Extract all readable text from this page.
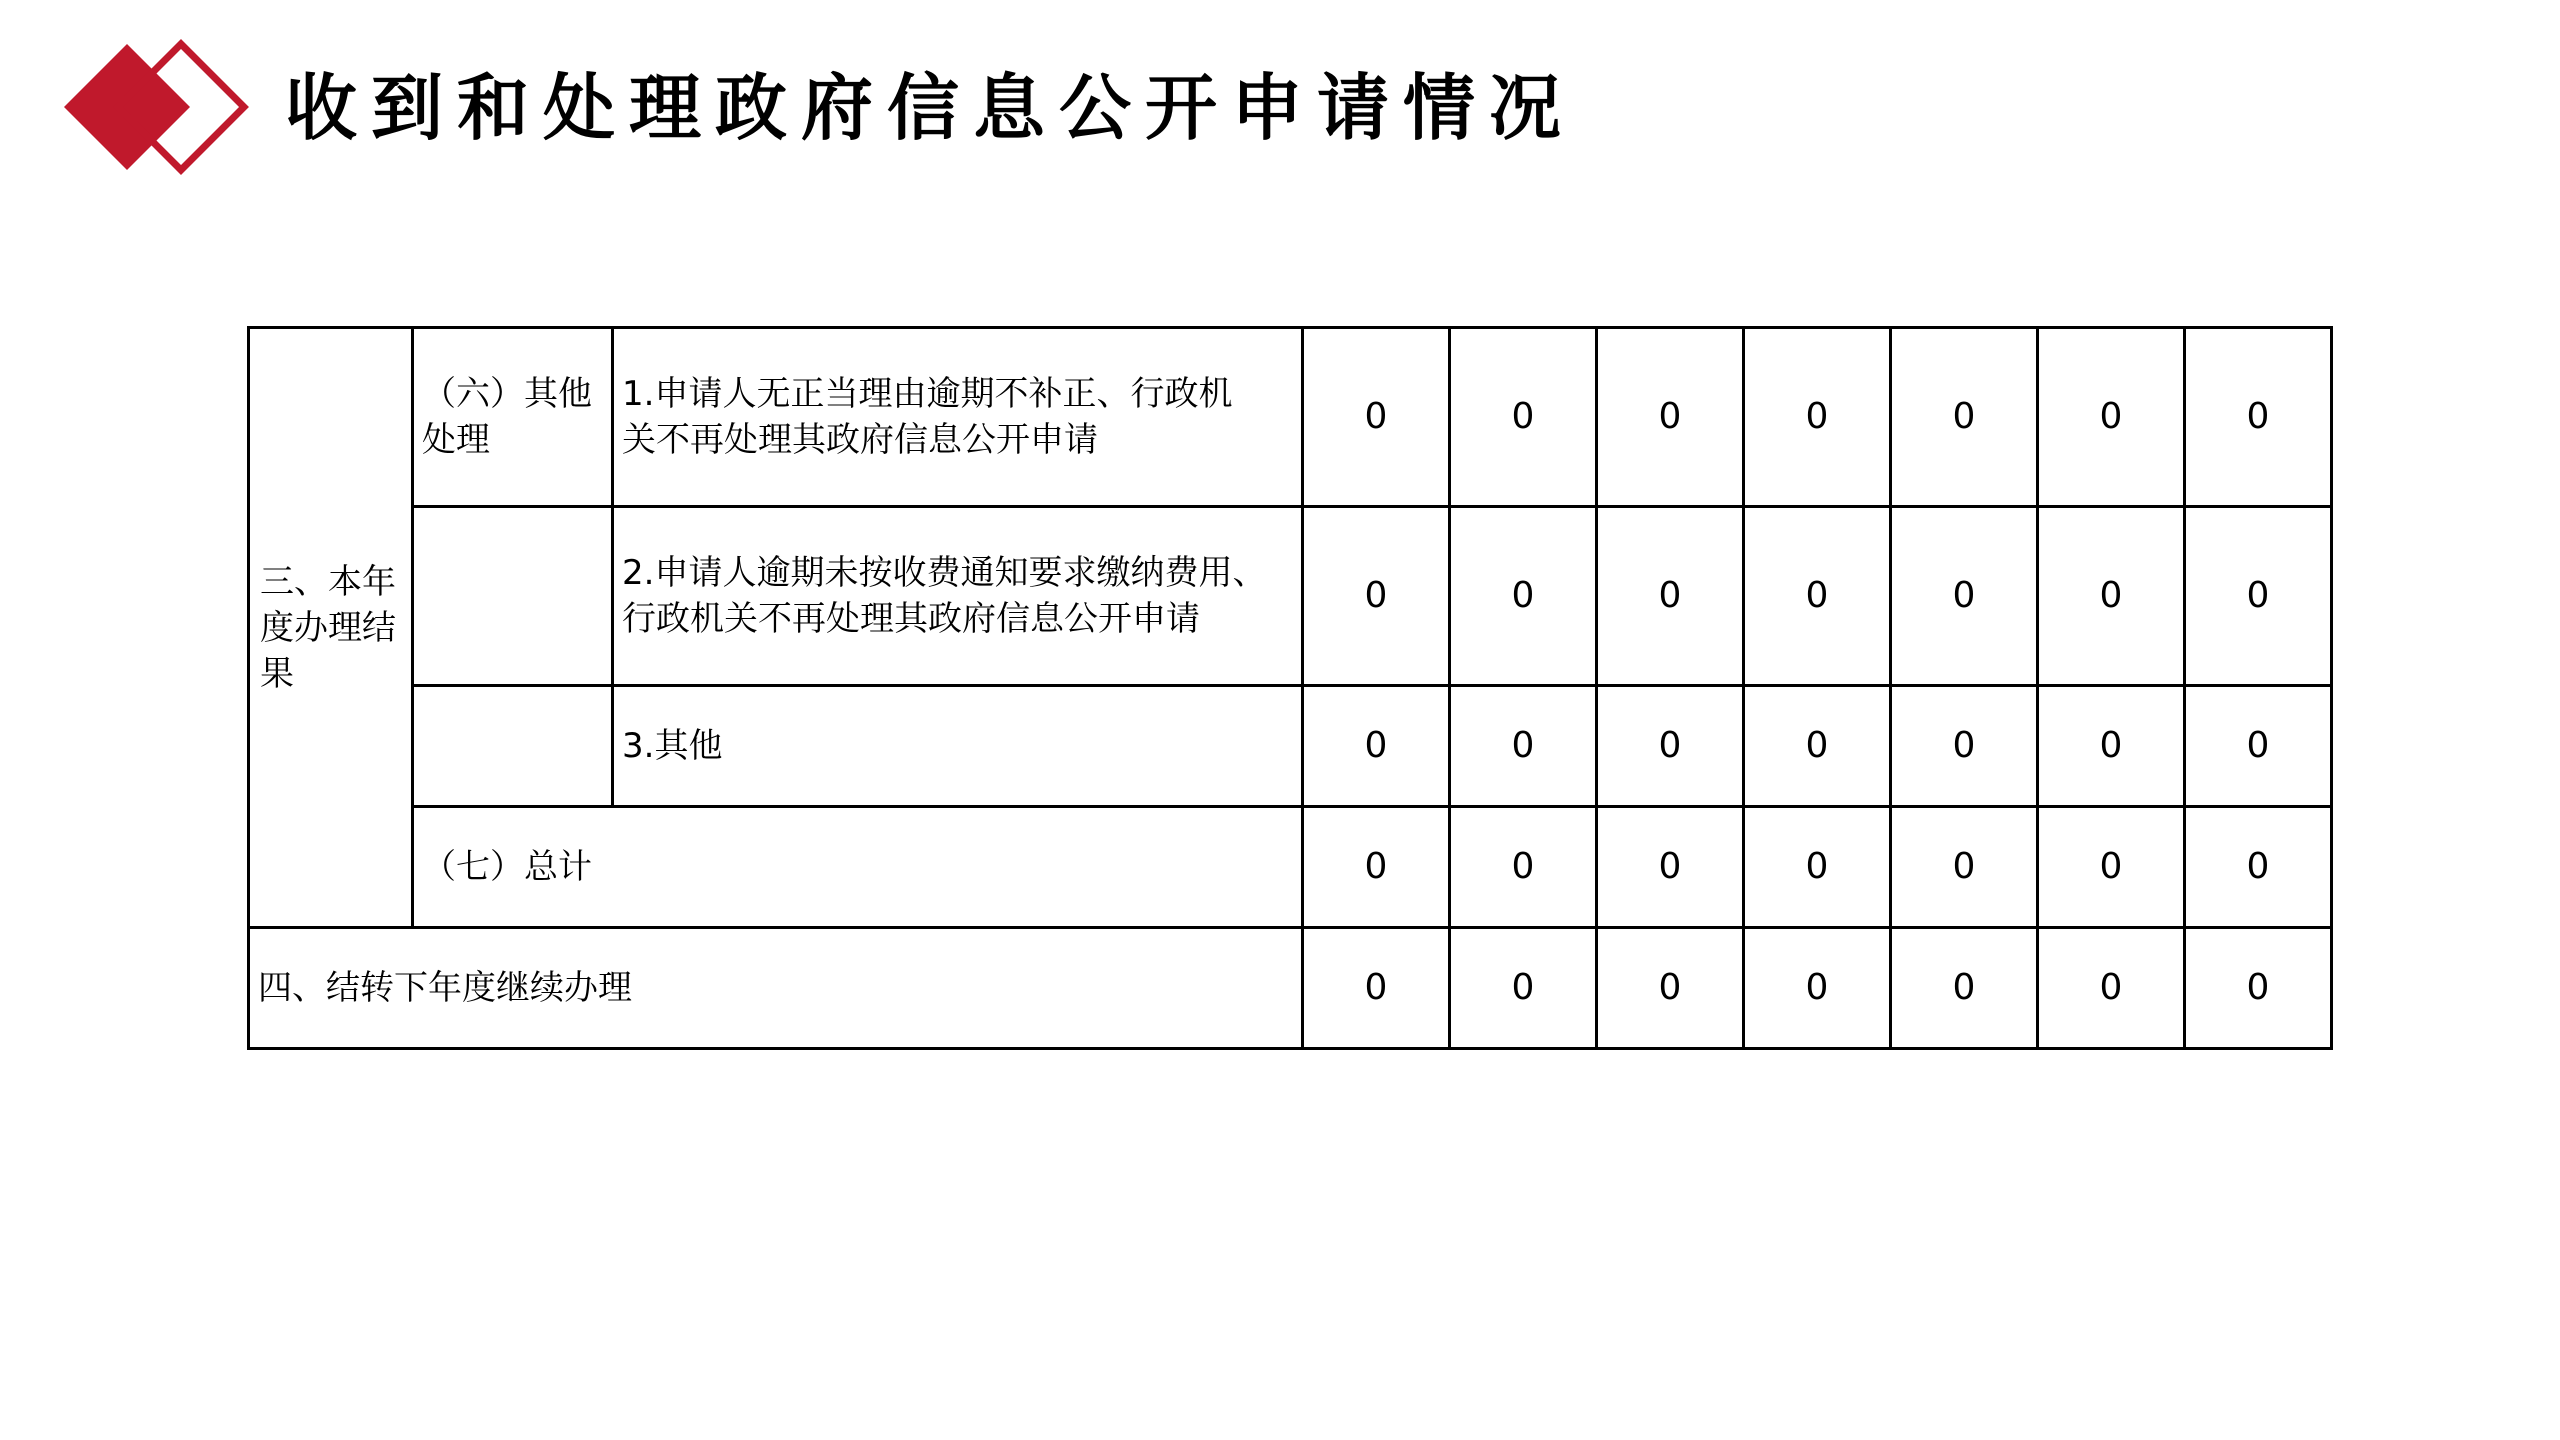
收到和处理政府信息公开申请情况
三、本年度办理结果	（六）其他处理	1.申请人无正当理由逾期不补正、行政机
关不再处理其政府信息公开申请	0	0	0	0	0	0	0

		2.申请人逾期未按收费通知要求缴纳费用、
行政机关不再处理其政府信息公开申请	0	0	0	0	0	0	0

		3.其他	0	0	0	0	0	0	0

	（七）总计		0	0	0	0	0	0	0

四、结转下年度继续办理			0	0	0	0	0	0	0
